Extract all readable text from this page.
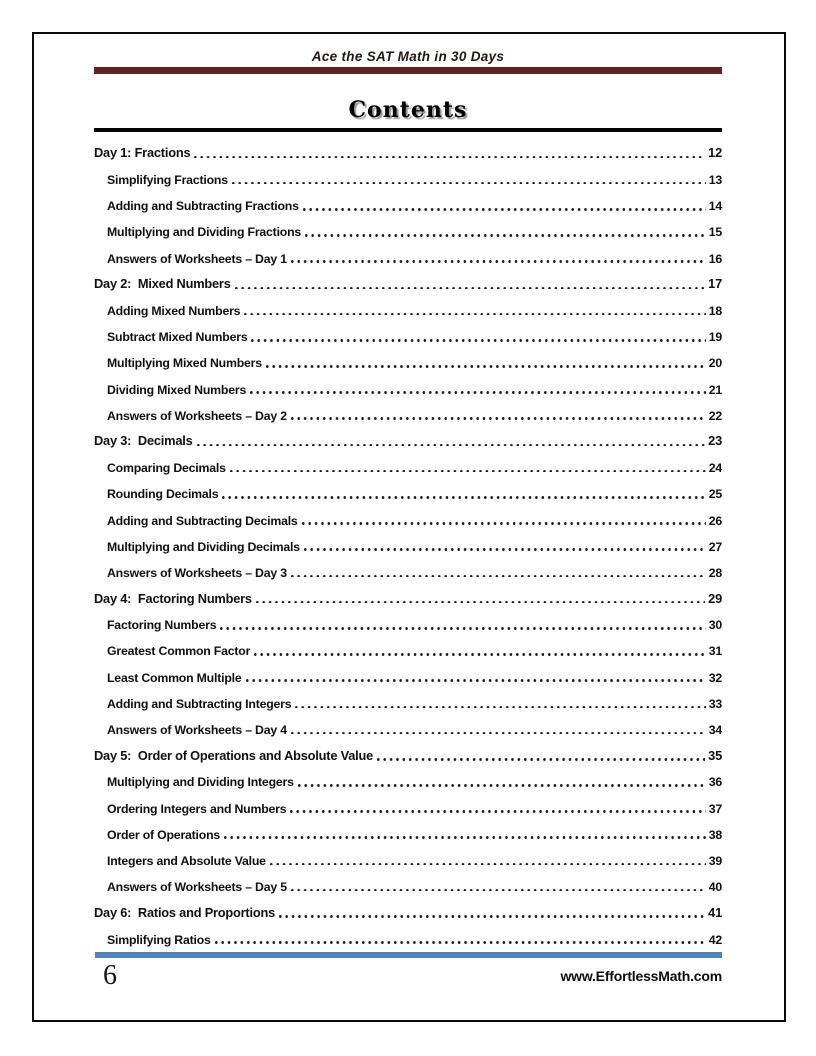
Ace the SAT Math in 30 Days
Contents
Day 1: Fractions	12
Simplifying Fractions	13
Adding and Subtracting Fractions	14
Multiplying and Dividing Fractions	15
Answers of Worksheets – Day 1	16
Day 2:  Mixed Numbers	17
Adding Mixed Numbers	18
Subtract Mixed Numbers	19
Multiplying Mixed Numbers	20
Dividing Mixed Numbers	21
Answers of Worksheets – Day 2	22
Day 3:  Decimals	23
Comparing Decimals	24
Rounding Decimals	25
Adding and Subtracting Decimals	26
Multiplying and Dividing Decimals	27
Answers of Worksheets – Day 3	28
Day 4:  Factoring Numbers	29
Factoring Numbers	30
Greatest Common Factor	31
Least Common Multiple	32
Adding and Subtracting Integers	33
Answers of Worksheets – Day 4	34
Day 5:  Order of Operations and Absolute Value	35
Multiplying and Dividing Integers	36
Ordering Integers and Numbers	37
Order of Operations	38
Integers and Absolute Value	39
Answers of Worksheets – Day 5	40
Day 6:  Ratios and Proportions	41
Simplifying Ratios	42
6	www.EffortlessMath.com
